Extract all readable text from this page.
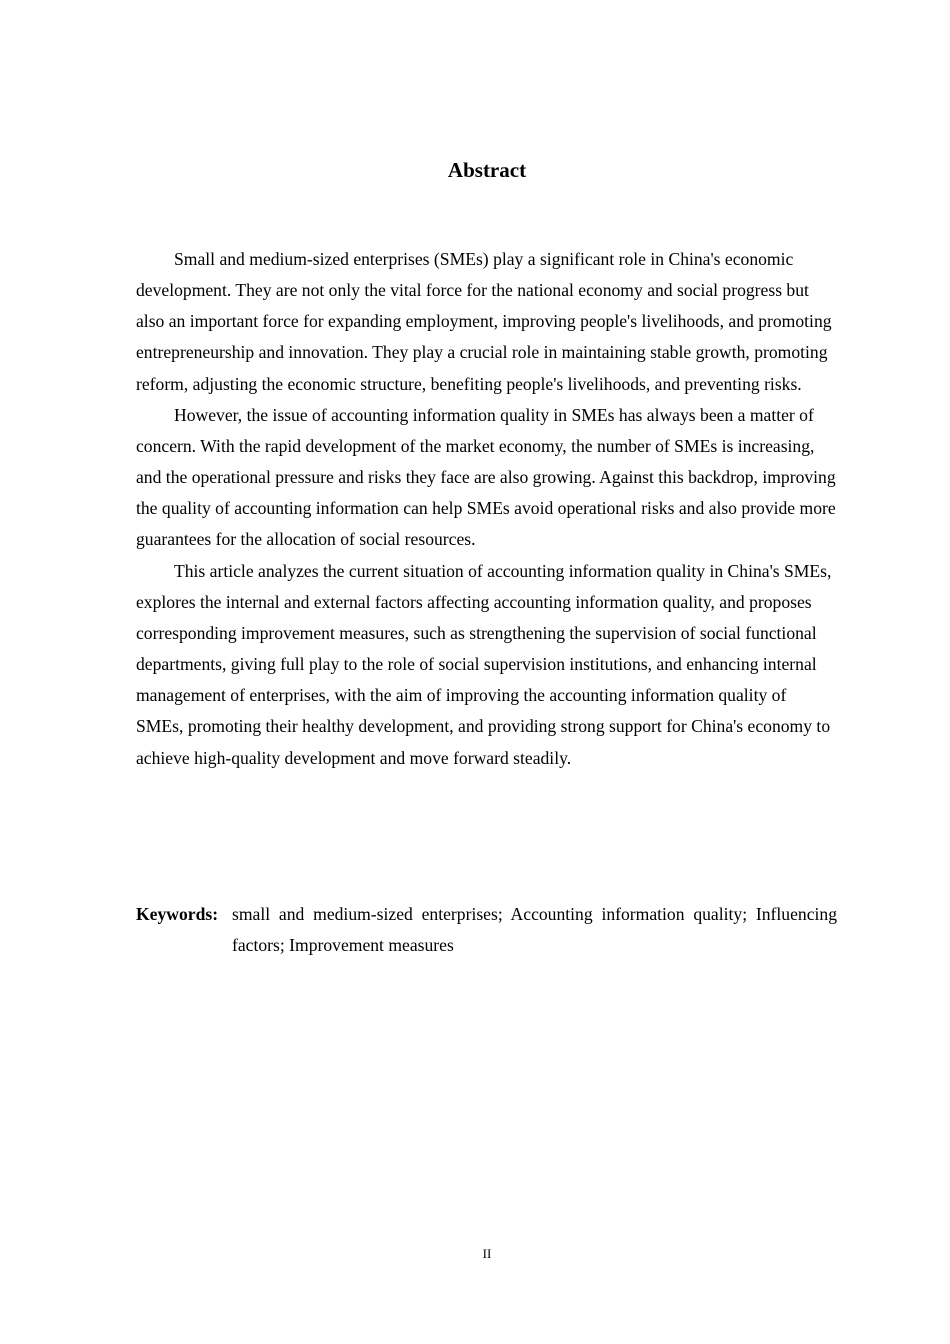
Abstract

Small and medium-sized enterprises (SMEs) play a significant role in China's economic development. They are not only the vital force for the national economy and social progress but also an important force for expanding employment, improving people's livelihoods, and promoting entrepreneurship and innovation. They play a crucial role in maintaining stable growth, promoting reform, adjusting the economic structure, benefiting people's livelihoods, and preventing risks.

However, the issue of accounting information quality in SMEs has always been a matter of concern. With the rapid development of the market economy, the number of SMEs is increasing, and the operational pressure and risks they face are also growing. Against this backdrop, improving the quality of accounting information can help SMEs avoid operational risks and also provide more guarantees for the allocation of social resources.

This article analyzes the current situation of accounting information quality in China's SMEs, explores the internal and external factors affecting accounting information quality, and proposes corresponding improvement measures, such as strengthening the supervision of social functional departments, giving full play to the role of social supervision institutions, and enhancing internal management of enterprises, with the aim of improving the accounting information quality of SMEs, promoting their healthy development, and providing strong support for China's economy to achieve high-quality development and move forward steadily.

Keywords: small and medium-sized enterprises; Accounting information quality; Influencing factors; Improvement measures
II
